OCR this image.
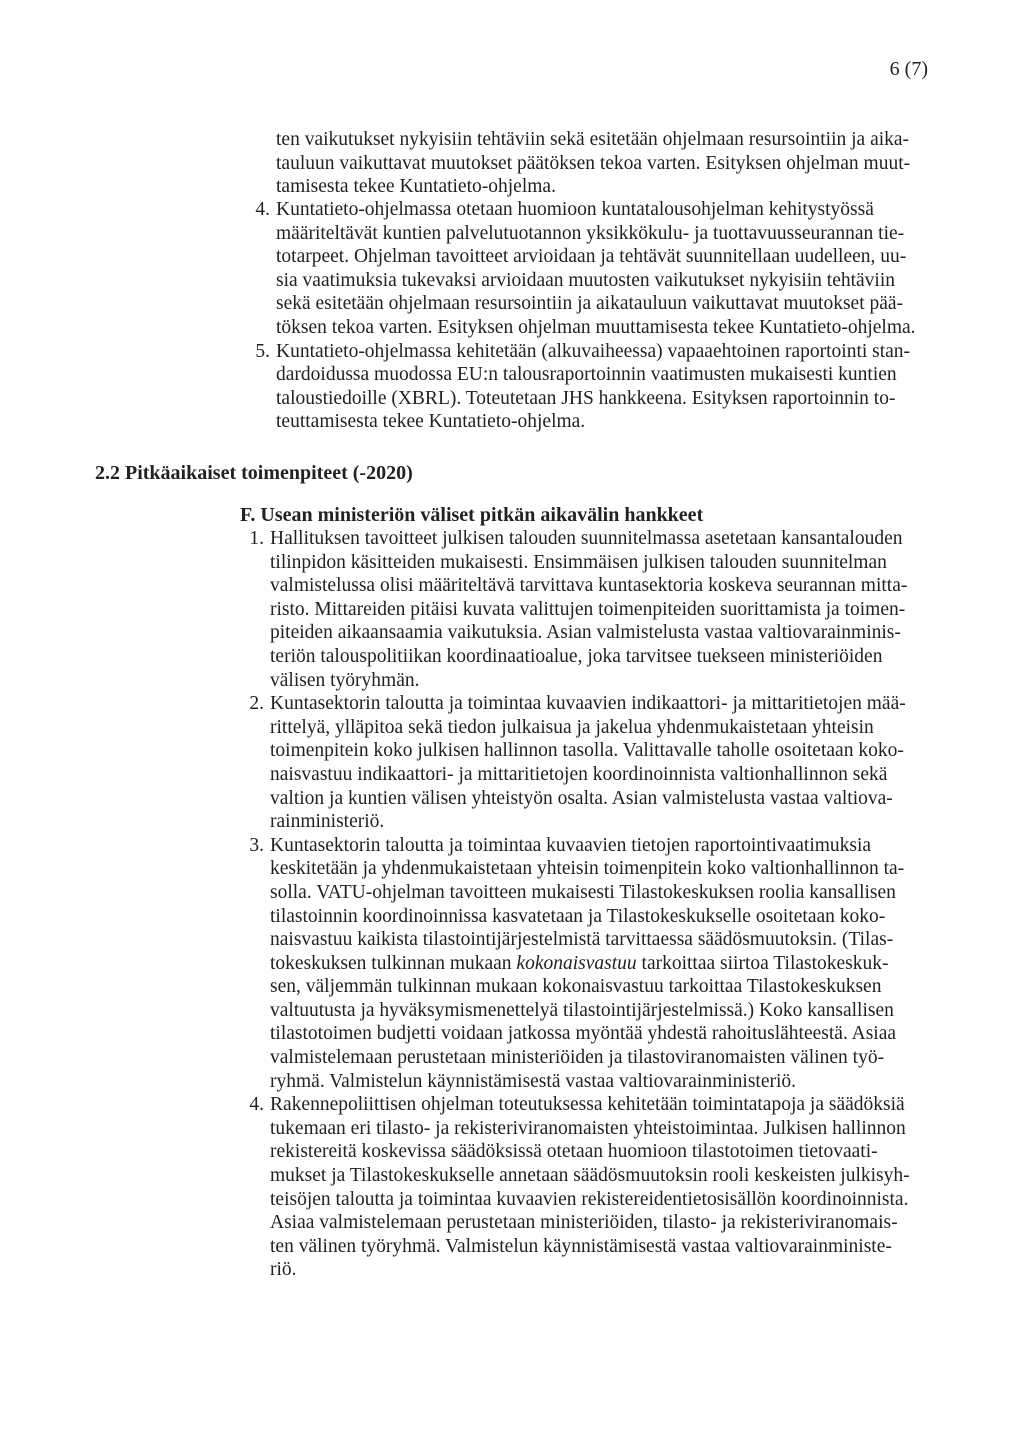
6 (7)

ten vaikutukset nykyisiin tehtäviin sekä esitetään ohjelmaan resursointiin ja aika-

tauluun vaikuttavat muutokset päätöksen tekoa varten. Esityksen ohjelman muut-

tamisesta tekee Kuntatieto-ohjelma.

4. Kuntatieto-ohjelmassa otetaan huomioon kuntatalousohjelman kehitystyössä

määriteltävät kuntien palvelutuotannon yksikkökulu- ja tuottavuusseurannan tie-

totarpeet. Ohjelman tavoitteet arvioidaan ja tehtävät suunnitellaan uudelleen, uu-

sia vaatimuksia tukevaksi arvioidaan muutosten vaikutukset nykyisiin tehtäviin

sekä esitetään ohjelmaan resursointiin ja aikatauluun vaikuttavat muutokset pää-

töksen tekoa varten. Esityksen ohjelman muuttamisesta tekee Kuntatieto-ohjelma.

5. Kuntatieto-ohjelmassa kehitetään (alkuvaiheessa) vapaaehtoinen raportointi stan-

dardoidussa muodossa EU:n talousraportoinnin vaatimusten mukaisesti kuntien

taloustiedoille (XBRL). Toteutetaan JHS hankkeena. Esityksen raportoinnin to-

teuttamisesta tekee Kuntatieto-ohjelma.

2.2 Pitkäaikaiset toimenpiteet (-2020)
F. Usean ministeriön väliset pitkän aikavälin hankkeet
1. Hallituksen tavoitteet julkisen talouden suunnitelmassa asetetaan kansantalouden

tilinpidon käsitteiden mukaisesti. Ensimmäisen julkisen talouden suunnitelman

valmistelussa olisi määriteltävä tarvittava kuntasektoria koskeva seurannan mitta-

risto. Mittareiden pitäisi kuvata valittujen toimenpiteiden suorittamista ja toimen-

piteiden aikaansaamia vaikutuksia. Asian valmistelusta vastaa valtiovarainminis-

teriön talouspolitiikan koordinaatioalue, joka tarvitsee tuekseen ministeriöiden

välisen työryhmän.

2. Kuntasektorin taloutta ja toimintaa kuvaavien indikaattori- ja mittaritietojen mää-

rittelyä, ylläpitoa sekä tiedon julkaisua ja jakelua yhdenmukaistetaan yhteisin

toimenpitein koko julkisen hallinnon tasolla. Valittavalle taholle osoitetaan koko-

naisvastuu indikaattori- ja mittaritietojen koordinoinnista valtionhallinnon sekä

valtion ja kuntien välisen yhteistyön osalta. Asian valmistelusta vastaa valtiova-

rainministeriö.

3. Kuntasektorin taloutta ja toimintaa kuvaavien tietojen raportointivaatimuksia

keskitetään ja yhdenmukaistetaan yhteisin toimenpitein koko valtionhallinnon ta-

solla. VATU-ohjelman tavoitteen mukaisesti Tilastokeskuksen roolia kansallisen

tilastoinnin koordinoinnissa kasvatetaan ja Tilastokeskukselle osoitetaan koko-

naisvastuu kaikista tilastointijärjestelmistä tarvittaessa säädösmuutoksin. (Tilas-

tokeskuksen tulkinnan mukaan kokonaisvastuu tarkoittaa siirtoa Tilastokeskuk-

sen, väljemmän tulkinnan mukaan kokonaisvastuu tarkoittaa Tilastokeskuksen

valtuutusta ja hyväksymismenettelyä tilastointijärjestelmissä.) Koko kansallisen

tilastotoimen budjetti voidaan jatkossa myöntää yhdestä rahoituslähteestä. Asiaa

valmistelemaan perustetaan ministeriöiden ja tilastoviranomaisten välinen työ-

ryhmä. Valmistelun käynnistämisestä vastaa valtiovarainministeriö.

4. Rakennepoliittisen ohjelman toteutuksessa kehitetään toimintatapoja ja säädöksiä

tukemaan eri tilasto- ja rekisteriviranomaisten yhteistoimintaa. Julkisen hallinnon

rekistereitä koskevissa säädöksissä otetaan huomioon tilastotoimen tietovaati-

mukset ja Tilastokeskukselle annetaan säädösmuutoksin rooli keskeisten julkisyh-

teisöjen taloutta ja toimintaa kuvaavien rekistereidentietosisällön koordinoinnista.

Asiaa valmistelemaan perustetaan ministeriöiden, tilasto- ja rekisteriviranomais-

ten välinen työryhmä. Valmistelun käynnistämisestä vastaa valtiovarainministe-

riö.
